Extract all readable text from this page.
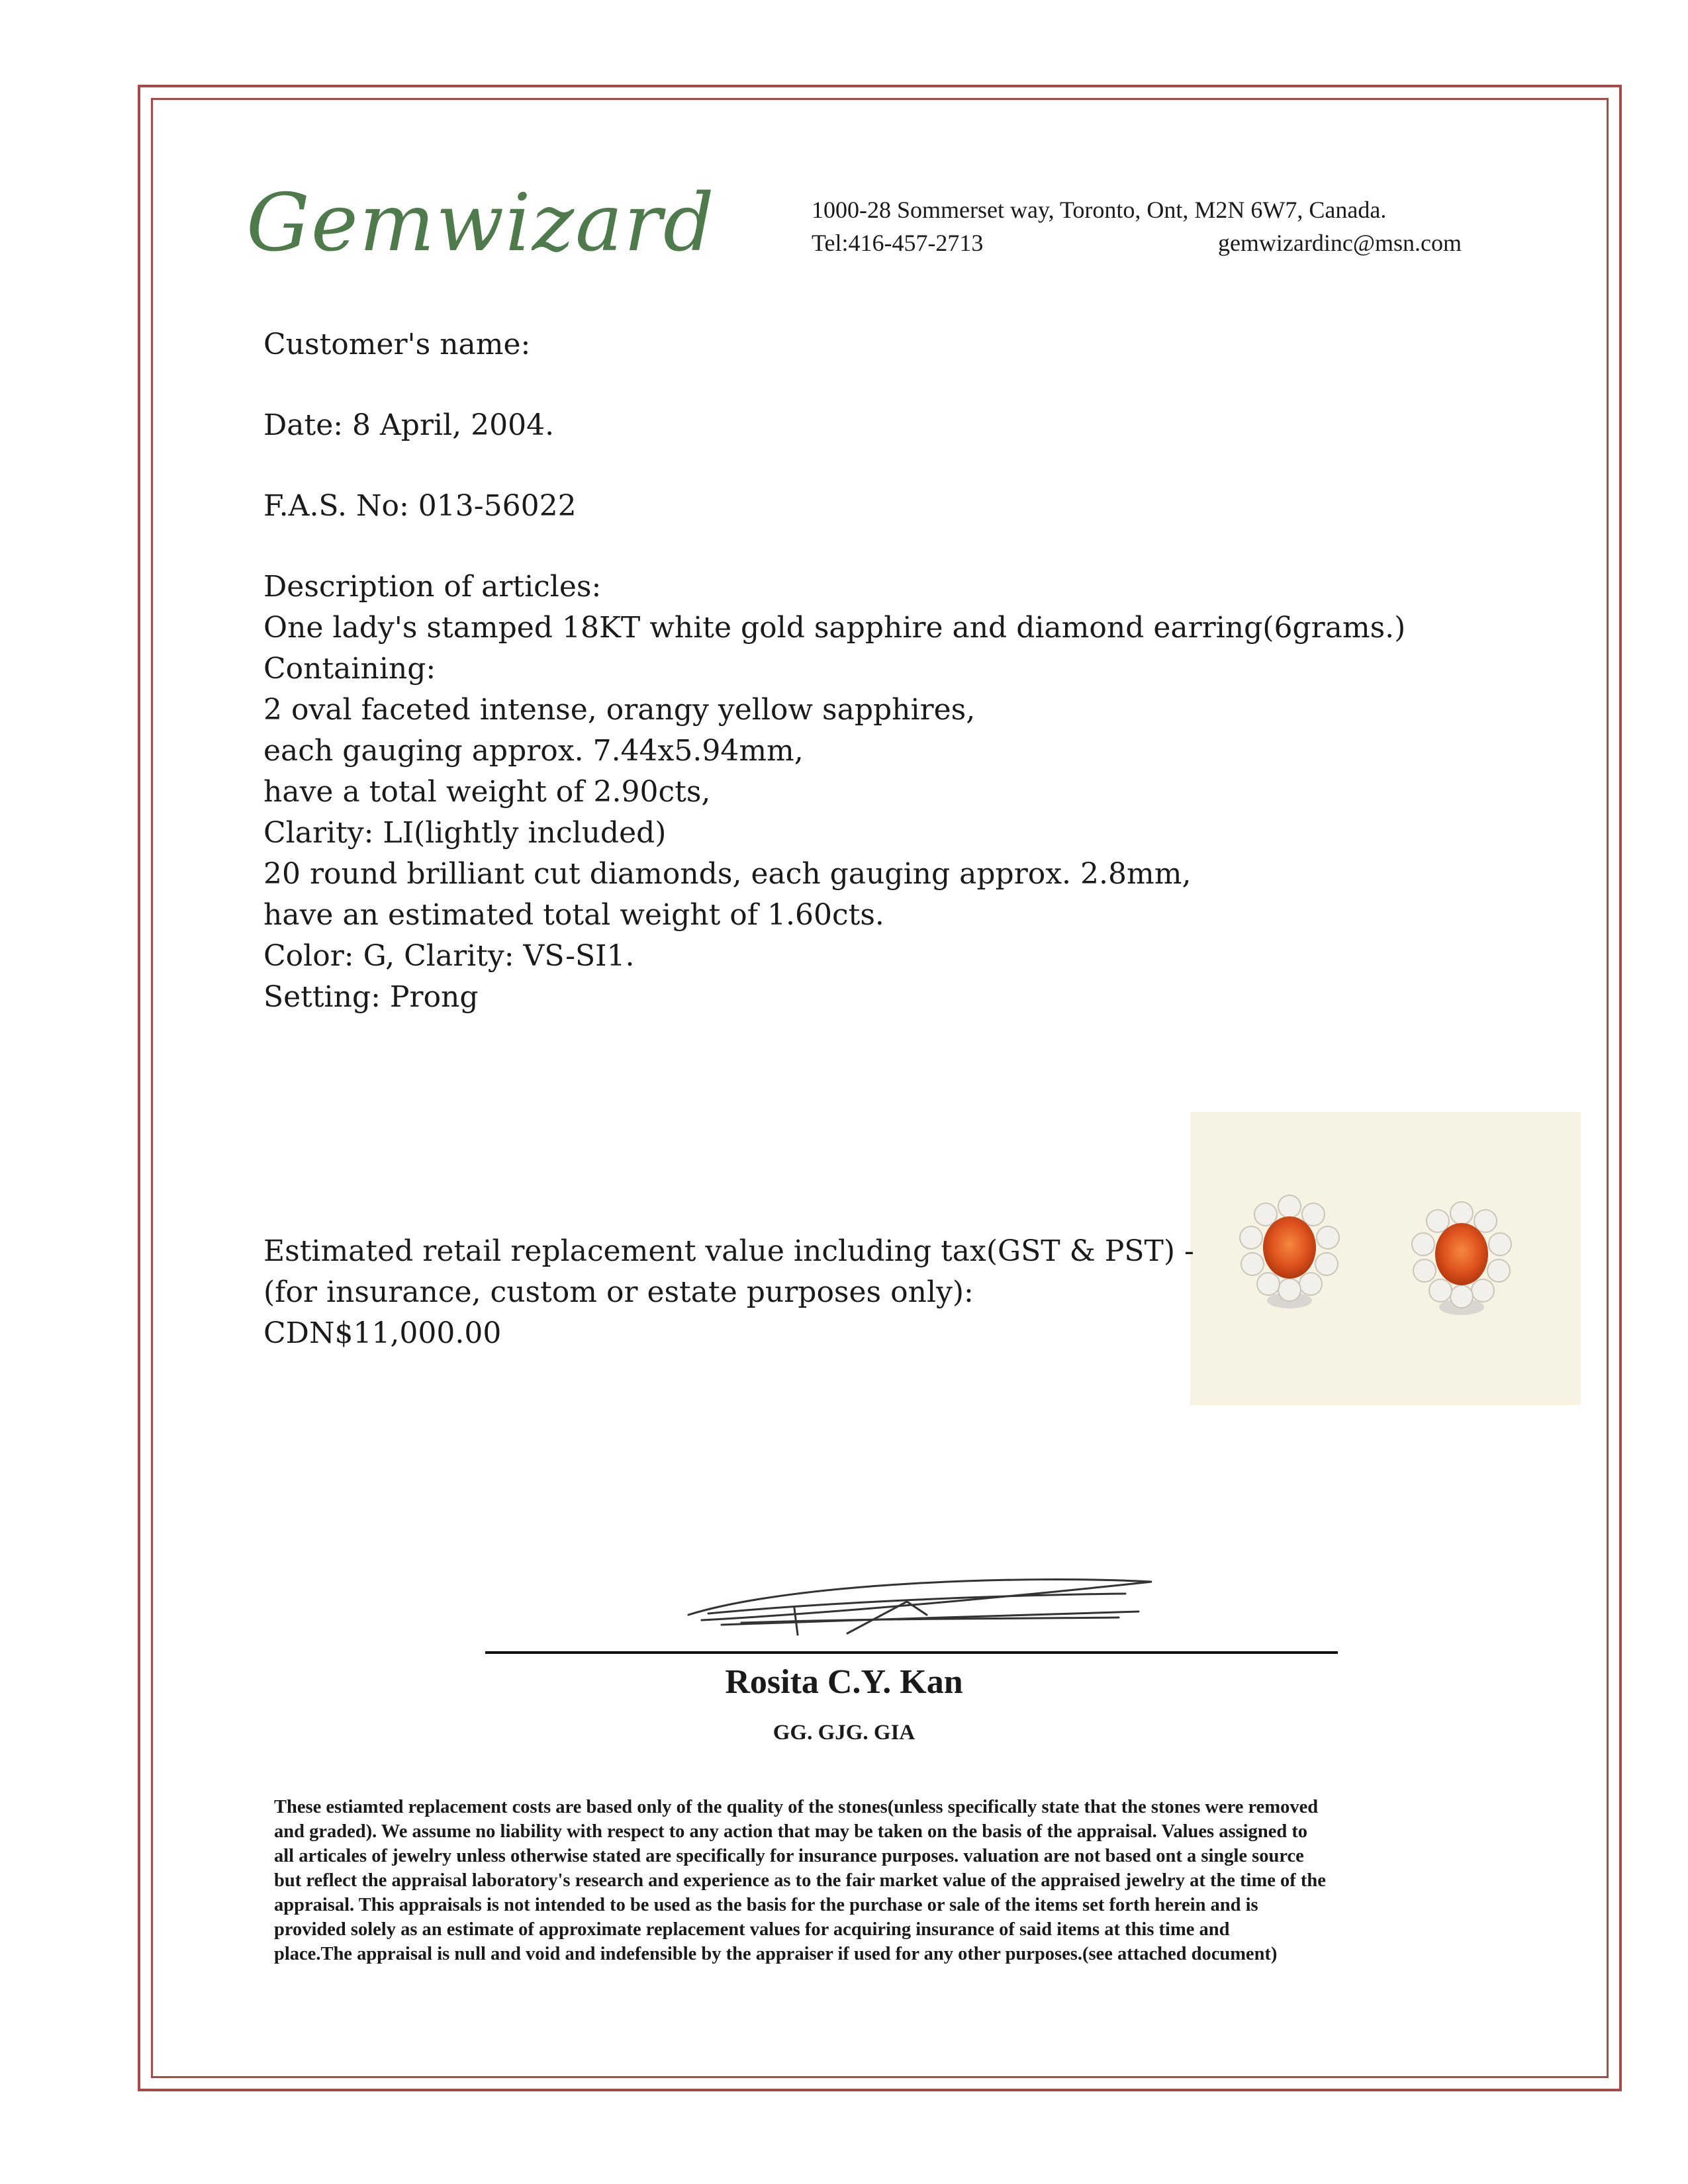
Gemwizard	1000-28 Sommerset way, Toronto, Ont, M2N 6W7, Canada.
Tel:416-457-2713	gemwizardinc@msn.com
Customer's name:
Date: 8 April, 2004.
F.A.S. No: 013-56022
Description of articles:
One lady's stamped 18KT white gold sapphire and diamond earring(6grams.)
Containing:
2 oval faceted intense, orangy yellow sapphires,
each gauging approx. 7.44x5.94mm,
have a total weight of 2.90cts,
Clarity: LI(lightly included)
20 round brilliant cut diamonds, each gauging approx. 2.8mm,
have an estimated total weight of 1.60cts.
Color: G, Clarity: VS-SI1.
Setting: Prong
Estimated retail replacement value including tax(GST & PST) -
(for insurance, custom or estate purposes only):
CDN$11,000.00
Rosita C.Y. Kan
GG. GJG. GIA
These estiamted replacement costs are based only of the quality of the stones(unless specifically state that the stones were removed
and graded). We assume no liability with respect to any action that may be taken on the basis of the appraisal. Values assigned to
all articales of jewelry unless otherwise stated are specifically for insurance purposes. valuation are not based ont a single source
but reflect the appraisal laboratory's research and experience as to the fair market value of the appraised jewelry at the time of the
appraisal. This appraisals is not intended to be used as the basis for the purchase or sale of the items set forth herein and is
provided solely as an estimate of approximate replacement values for acquiring insurance of said items at this time and
place.The appraisal is null and void and indefensible by the appraiser if used for any other purposes.(see attached document)
